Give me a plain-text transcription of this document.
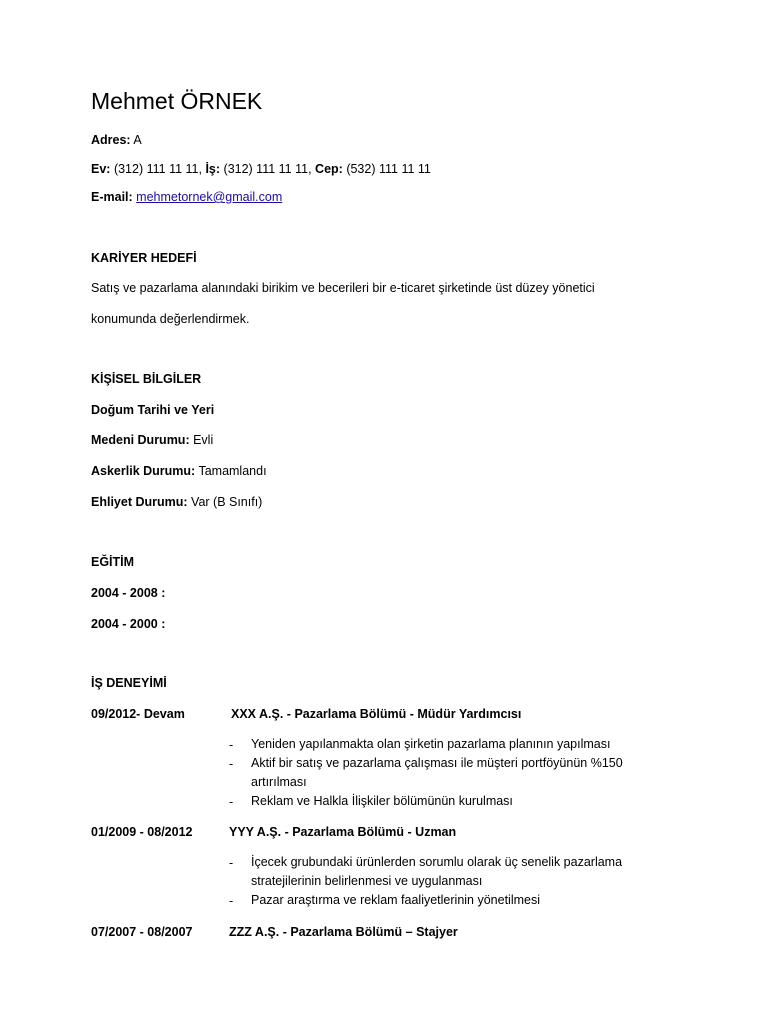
Mehmet ÖRNEK
Adres: A
Ev: (312) 111 11 11, İş: (312) 111 11 11, Cep: (532) 111 11 11
E-mail: mehmetornek@gmail.com
KARİYER HEDEFİ
Satış ve pazarlama alanındaki birikim ve becerileri bir e-ticaret şirketinde üst düzey yönetici
konumunda değerlendirmek.
KİŞİSEL BİLGİLER
Doğum Tarihi ve Yeri
Medeni Durumu: Evli
Askerlik Durumu: Tamamlandı
Ehliyet Durumu: Var (B Sınıfı)
EĞİTİM
2004 - 2008 :
2004 - 2000 :
İŞ DENEYİMİ
09/2012- Devam	XXX A.Ş. - Pazarlama Bölümü - Müdür Yardımcısı
- Yeniden yapılanmakta olan şirketin pazarlama planının yapılması
- Aktif bir satış ve pazarlama çalışması ile müşteri portföyünün %150 artırılması
- Reklam ve Halkla İlişkiler bölümünün kurulması
01/2009 - 08/2012	YYY A.Ş. - Pazarlama Bölümü - Uzman
- İçecek grubundaki ürünlerden sorumlu olarak üç senelik pazarlama stratejilerinin belirlenmesi ve uygulanması
- Pazar araştırma ve reklam faaliyetlerinin yönetilmesi
07/2007 - 08/2007	ZZZ A.Ş. - Pazarlama Bölümü – Stajyer
